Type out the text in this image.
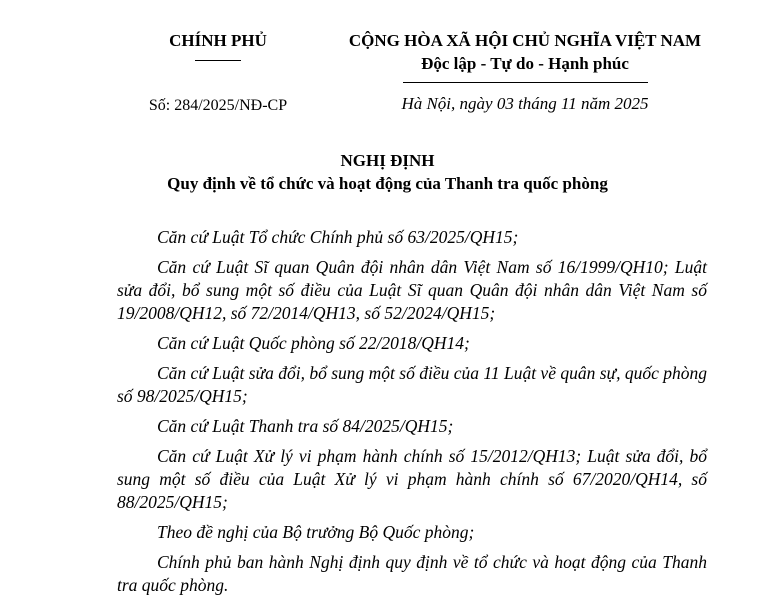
CHÍNH PHỦ	CỘNG HÒA XÃ HỘI CHỦ NGHĨA VIỆT NAM
Độc lập - Tự do - Hạnh phúc
Số: 284/2025/NĐ-CP	Hà Nội, ngày 03 tháng 11 năm 2025
NGHỊ ĐỊNH
Quy định về tổ chức và hoạt động của Thanh tra quốc phòng

Căn cứ Luật Tổ chức Chính phủ số 63/2025/QH15;

Căn cứ Luật Sĩ quan Quân đội nhân dân Việt Nam số 16/1999/QH10; Luật sửa đổi, bổ sung một số điều của Luật Sĩ quan Quân đội nhân dân Việt Nam số 19/2008/QH12, số 72/2014/QH13, số 52/2024/QH15;

Căn cứ Luật Quốc phòng số 22/2018/QH14;

Căn cứ Luật sửa đổi, bổ sung một số điều của 11 Luật về quân sự, quốc phòng số 98/2025/QH15;

Căn cứ Luật Thanh tra số 84/2025/QH15;

Căn cứ Luật Xử lý vi phạm hành chính số 15/2012/QH13; Luật sửa đổi, bổ sung một số điều của Luật Xử lý vi phạm hành chính số 67/2020/QH14, số 88/2025/QH15;

Theo đề nghị của Bộ trưởng Bộ Quốc phòng;

Chính phủ ban hành Nghị định quy định về tổ chức và hoạt động của Thanh tra quốc phòng.
